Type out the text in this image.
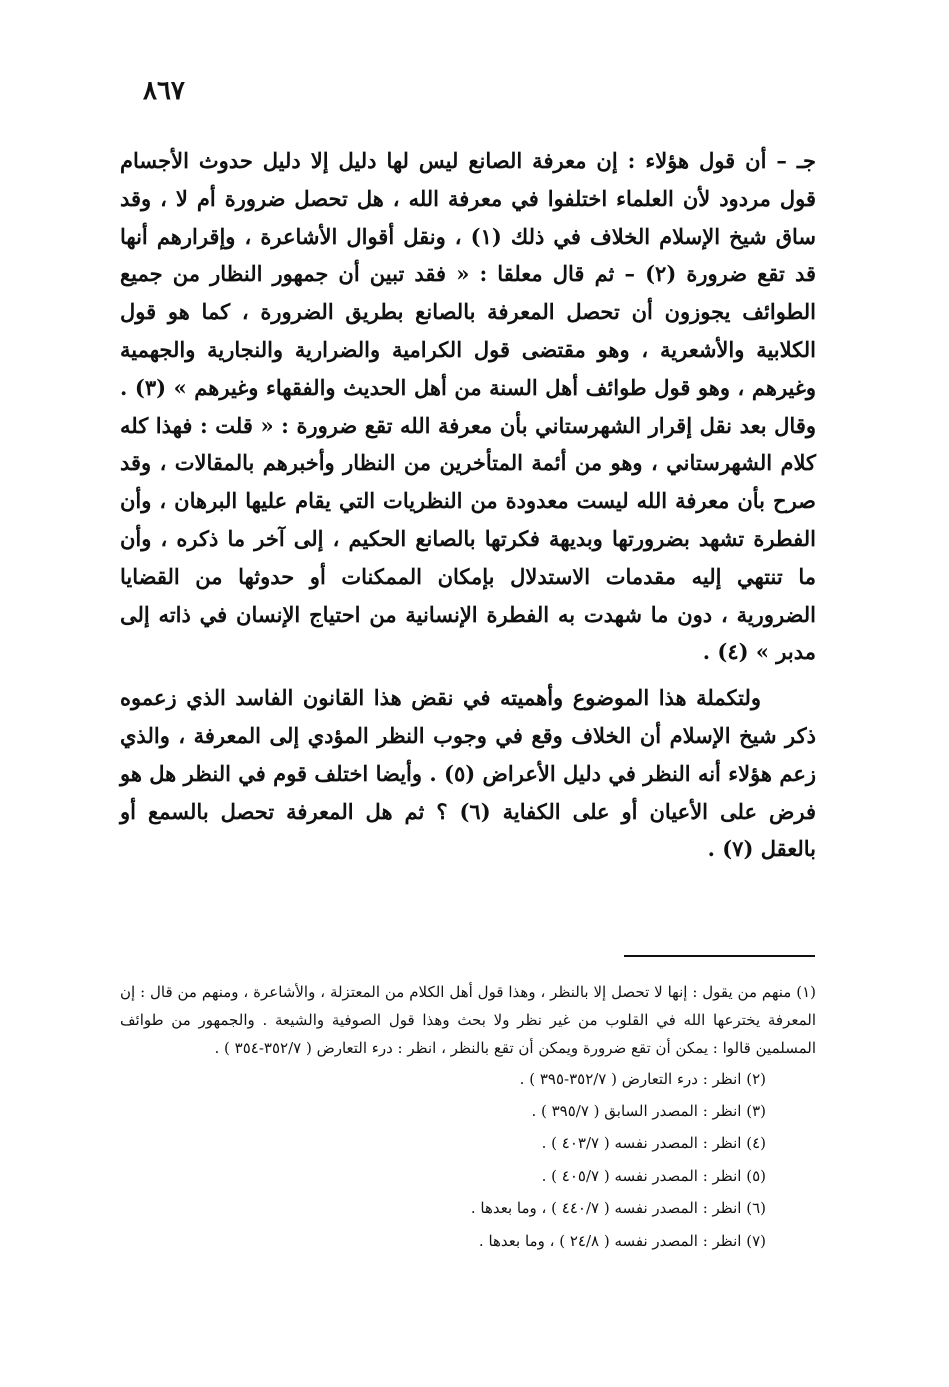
٨٦٧

جـ – أن قول هؤلاء : إن معرفة الصانع ليس لها دليل إلا دليل حدوث الأجسام قول مردود لأن العلماء اختلفوا في معرفة الله ، هل تحصل ضرورة أم لا ، وقد ساق شيخ الإسلام الخلاف في ذلك (١) ، ونقل أقوال الأشاعرة ، وإقرارهم أنها قد تقع ضرورة (٢) – ثم قال معلقا : « فقد تبين أن جمهور النظار من جميع الطوائف يجوزون أن تحصل المعرفة بالصانع بطريق الضرورة ، كما هو قول الكلابية والأشعرية ، وهو مقتضى قول الكرامية والضرارية والنجارية والجهمية وغيرهم ، وهو قول طوائف أهل السنة من أهل الحديث والفقهاء وغيرهم » (٣) . وقال بعد نقل إقرار الشهرستاني بأن معرفة الله تقع ضرورة : « قلت : فهذا كله كلام الشهرستاني ، وهو من أئمة المتأخرين من النظار وأخبرهم بالمقالات ، وقد صرح بأن معرفة الله ليست معدودة من النظريات التي يقام عليها البرهان ، وأن الفطرة تشهد بضرورتها وبديهة فكرتها بالصانع الحكيم ، إلى آخر ما ذكره ، وأن ما تنتهي إليه مقدمات الاستدلال بإمكان الممكنات أو حدوثها من القضايا الضرورية ، دون ما شهدت به الفطرة الإنسانية من احتياج الإنسان في ذاته إلى مدبر » (٤) .

ولتكملة هذا الموضوع وأهميته في نقض هذا القانون الفاسد الذي زعموه ذكر شيخ الإسلام أن الخلاف وقع في وجوب النظر المؤدي إلى المعرفة ، والذي زعم هؤلاء أنه النظر في دليل الأعراض (٥) . وأيضا اختلف قوم في النظر هل هو فرض على الأعيان أو على الكفاية (٦) ؟ ثم هل المعرفة تحصل بالسمع أو بالعقل (٧) .

(١) منهم من يقول : إنها لا تحصل إلا بالنظر ، وهذا قول أهل الكلام من المعتزلة ، والأشاعرة ، ومنهم من قال : إن المعرفة يخترعها الله في القلوب من غير نظر ولا بحث وهذا قول الصوفية والشيعة . والجمهور من طوائف المسلمين قالوا : يمكن أن تقع ضرورة ويمكن أن تقع بالنظر ، انظر : درء التعارض ( ٣٥٢/٧-٣٥٤ ) .

(٢) انظر : درء التعارض ( ٣٥٢/٧-٣٩٥ ) .
(٣) انظر : المصدر السابق ( ٣٩٥/٧ ) .
(٤) انظر : المصدر نفسه ( ٤٠٣/٧ ) .
(٥) انظر : المصدر نفسه ( ٤٠٥/٧ ) .
(٦) انظر : المصدر نفسه ( ٤٤٠/٧ ) ، وما بعدها .
(٧) انظر : المصدر نفسه ( ٢٤/٨ ) ، وما بعدها .
